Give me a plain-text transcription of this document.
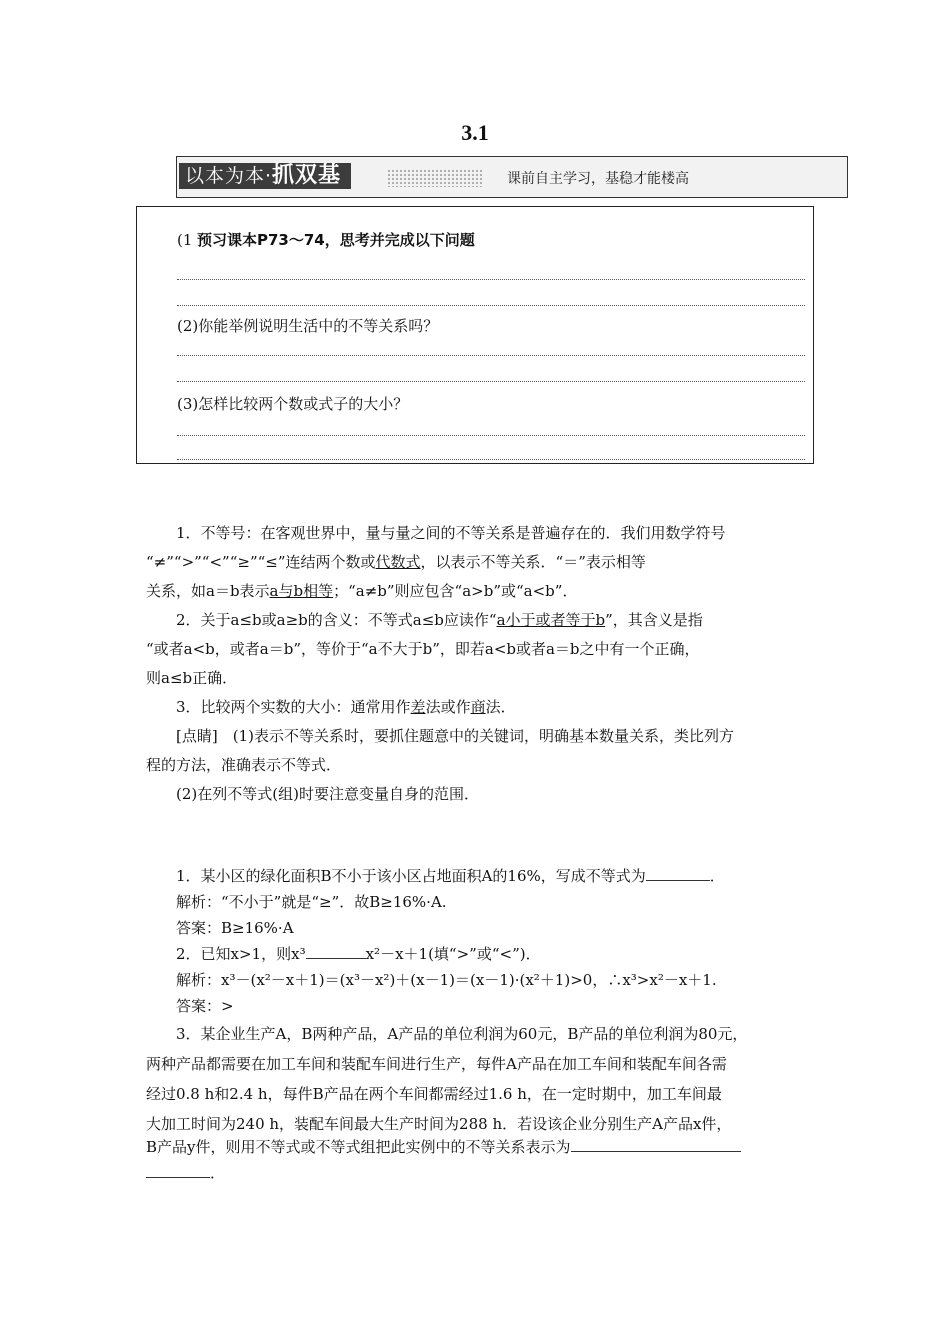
3.1
以本为本·抓双基	课前自主学习，基稳才能楼高
(1 预习课本P73～74，思考并完成以下问题
(2)你能举例说明生活中的不等关系吗？
(3)怎样比较两个数或式子的大小？
1．不等号：在客观世界中，量与量之间的不等关系是普遍存在的．我们用数学符号
“≠”“>”“<”“≥”“≤”连结两个数或代数式，以表示不等关系．“＝”表示相等
关系，如a＝b表示a与b相等；“a≠b”则应包含“a>b”或“a<b”．
2．关于a≤b或a≥b的含义：不等式a≤b应读作“a小于或者等于b”，其含义是指
“或者a<b，或者a＝b”，等价于“a不大于b”，即若a<b或者a＝b之中有一个正确，
则a≤b正确．
3．比较两个实数的大小：通常用作差法或作商法．
[点睛]　(1)表示不等关系时，要抓住题意中的关键词，明确基本数量关系，类比列方
程的方法，准确表示不等式．
(2)在列不等式(组)时要注意变量自身的范围．
1．某小区的绿化面积B不小于该小区占地面积A的16%，写成不等式为	．
解析：“不小于”就是“≥”．故B≥16%·A.
答案：B≥16%·A
2．已知x>1，则x³	x²－x＋1(填“>”或“<”)．
解析：x³－(x²－x＋1)＝(x³－x²)＋(x－1)＝(x－1)·(x²＋1)>0，∴x³>x²－x＋1.
答案：>
3．某企业生产A，B两种产品，A产品的单位利润为60元，B产品的单位利润为80元，
两种产品都需要在加工车间和装配车间进行生产，每件A产品在加工车间和装配车间各需
经过0.8 h和2.4 h，每件B产品在两个车间都需经过1.6 h，在一定时期中，加工车间最
大加工时间为240 h，装配车间最大生产时间为288 h．若设该企业分别生产A产品x件，
B产品y件，则用不等式或不等式组把此实例中的不等关系表示为
．
